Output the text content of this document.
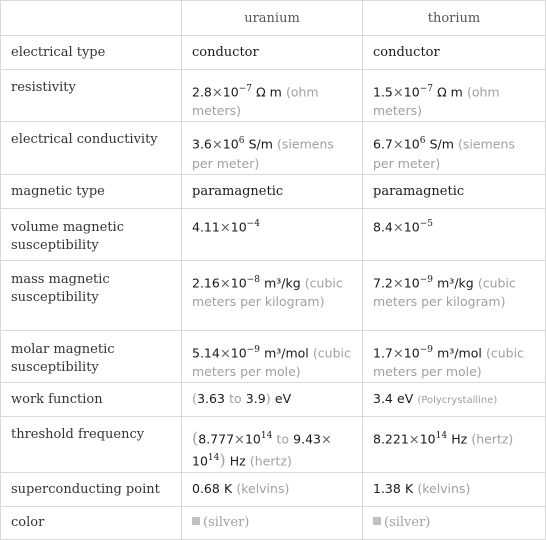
	uranium	thorium
electrical type	conductor	conductor
resistivity	$2.8\times 10^{-7}$ Ω m (ohm meters)	$1.5\times 10^{-7}$ Ω m (ohm meters)
electrical conductivity	$3.6\times 10^6$ S/m (siemens per meter)	$6.7\times 10^6$ S/m (siemens per meter)
magnetic type	paramagnetic	paramagnetic
volume magnetic susceptibility	$4.11\times 10^{-4}$	$8.4\times 10^{-5}$
mass magnetic susceptibility	$2.16\times 10^{-8}$ m³/kg (cubic meters per kilogram)	$7.2\times 10^{-9}$ m³/kg (cubic meters per kilogram)
molar magnetic susceptibility	$5.14\times 10^{-9}$ m³/mol (cubic meters per mole)	$1.7\times 10^{-9}$ m³/mol (cubic meters per mole)
work function	(3.63 to 3.9) eV	3.4 eV (Polycrystalline)
threshold frequency	($8.777\times 10^{14}$ to $9.43\times 10^{14}$) Hz (hertz)	$8.221\times 10^{14}$ Hz (hertz)
superconducting point	0.68 K (kelvins)	1.38 K (kelvins)
color	(silver)	(silver)
